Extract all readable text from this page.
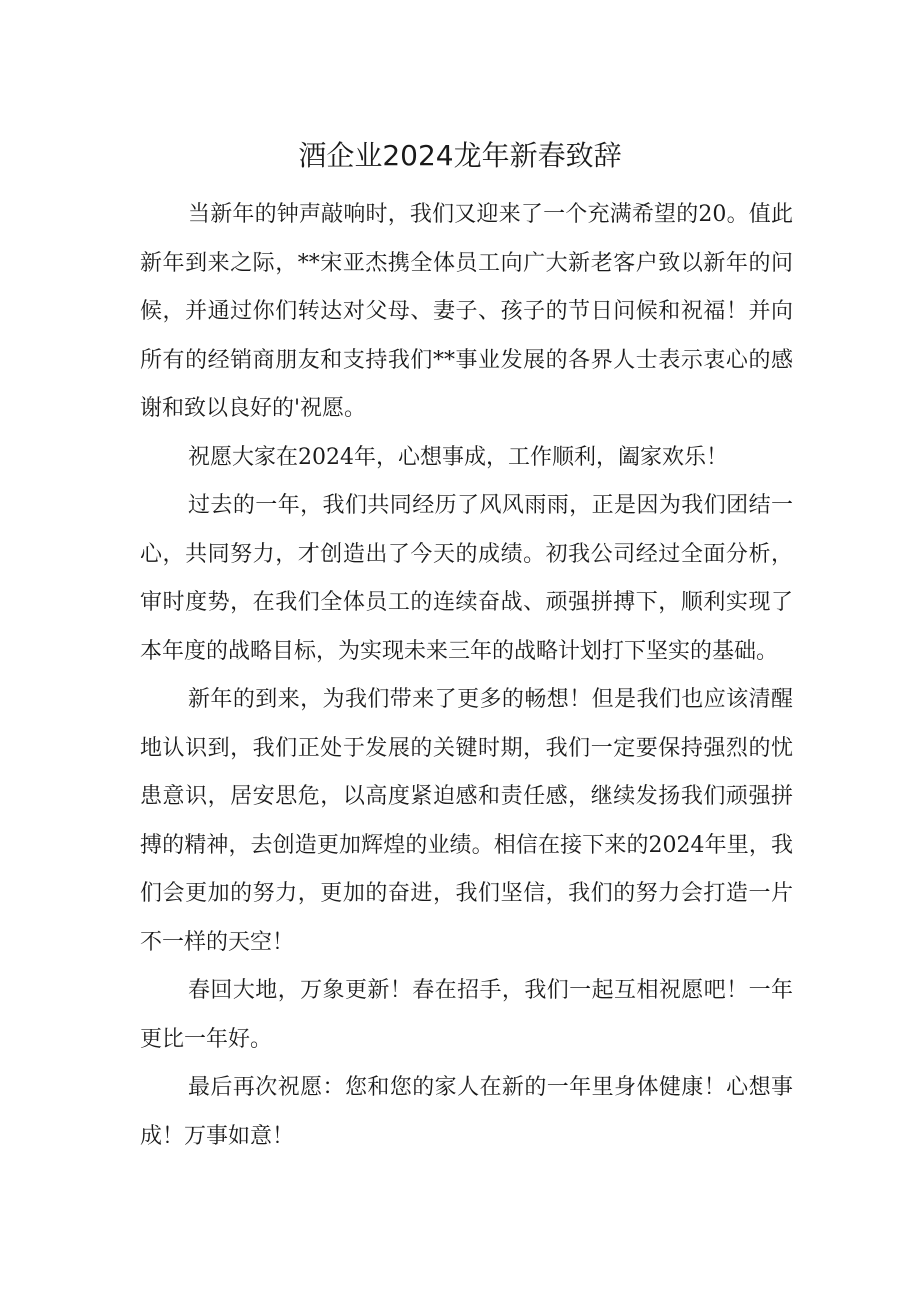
酒企业2024龙年新春致辞

当新年的钟声敲响时，我们又迎来了一个充满希望的20。值此新年到来之际，**宋亚杰携全体员工向广大新老客户致以新年的问候，并通过你们转达对父母、妻子、孩子的节日问候和祝福！并向所有的经销商朋友和支持我们**事业发展的各界人士表示衷心的感谢和致以良好的'祝愿。

祝愿大家在2024年，心想事成，工作顺利，阖家欢乐！

过去的一年，我们共同经历了风风雨雨，正是因为我们团结一心，共同努力，才创造出了今天的成绩。初我公司经过全面分析，审时度势，在我们全体员工的连续奋战、顽强拼搏下，顺利实现了本年度的战略目标，为实现未来三年的战略计划打下坚实的基础。

新年的到来，为我们带来了更多的畅想！但是我们也应该清醒地认识到，我们正处于发展的关键时期，我们一定要保持强烈的忧患意识，居安思危，以高度紧迫感和责任感，继续发扬我们顽强拼搏的精神，去创造更加辉煌的业绩。相信在接下来的2024年里，我们会更加的努力，更加的奋进，我们坚信，我们的努力会打造一片不一样的天空！

春回大地，万象更新！春在招手，我们一起互相祝愿吧！一年更比一年好。

最后再次祝愿：您和您的家人在新的一年里身体健康！心想事成！万事如意！
